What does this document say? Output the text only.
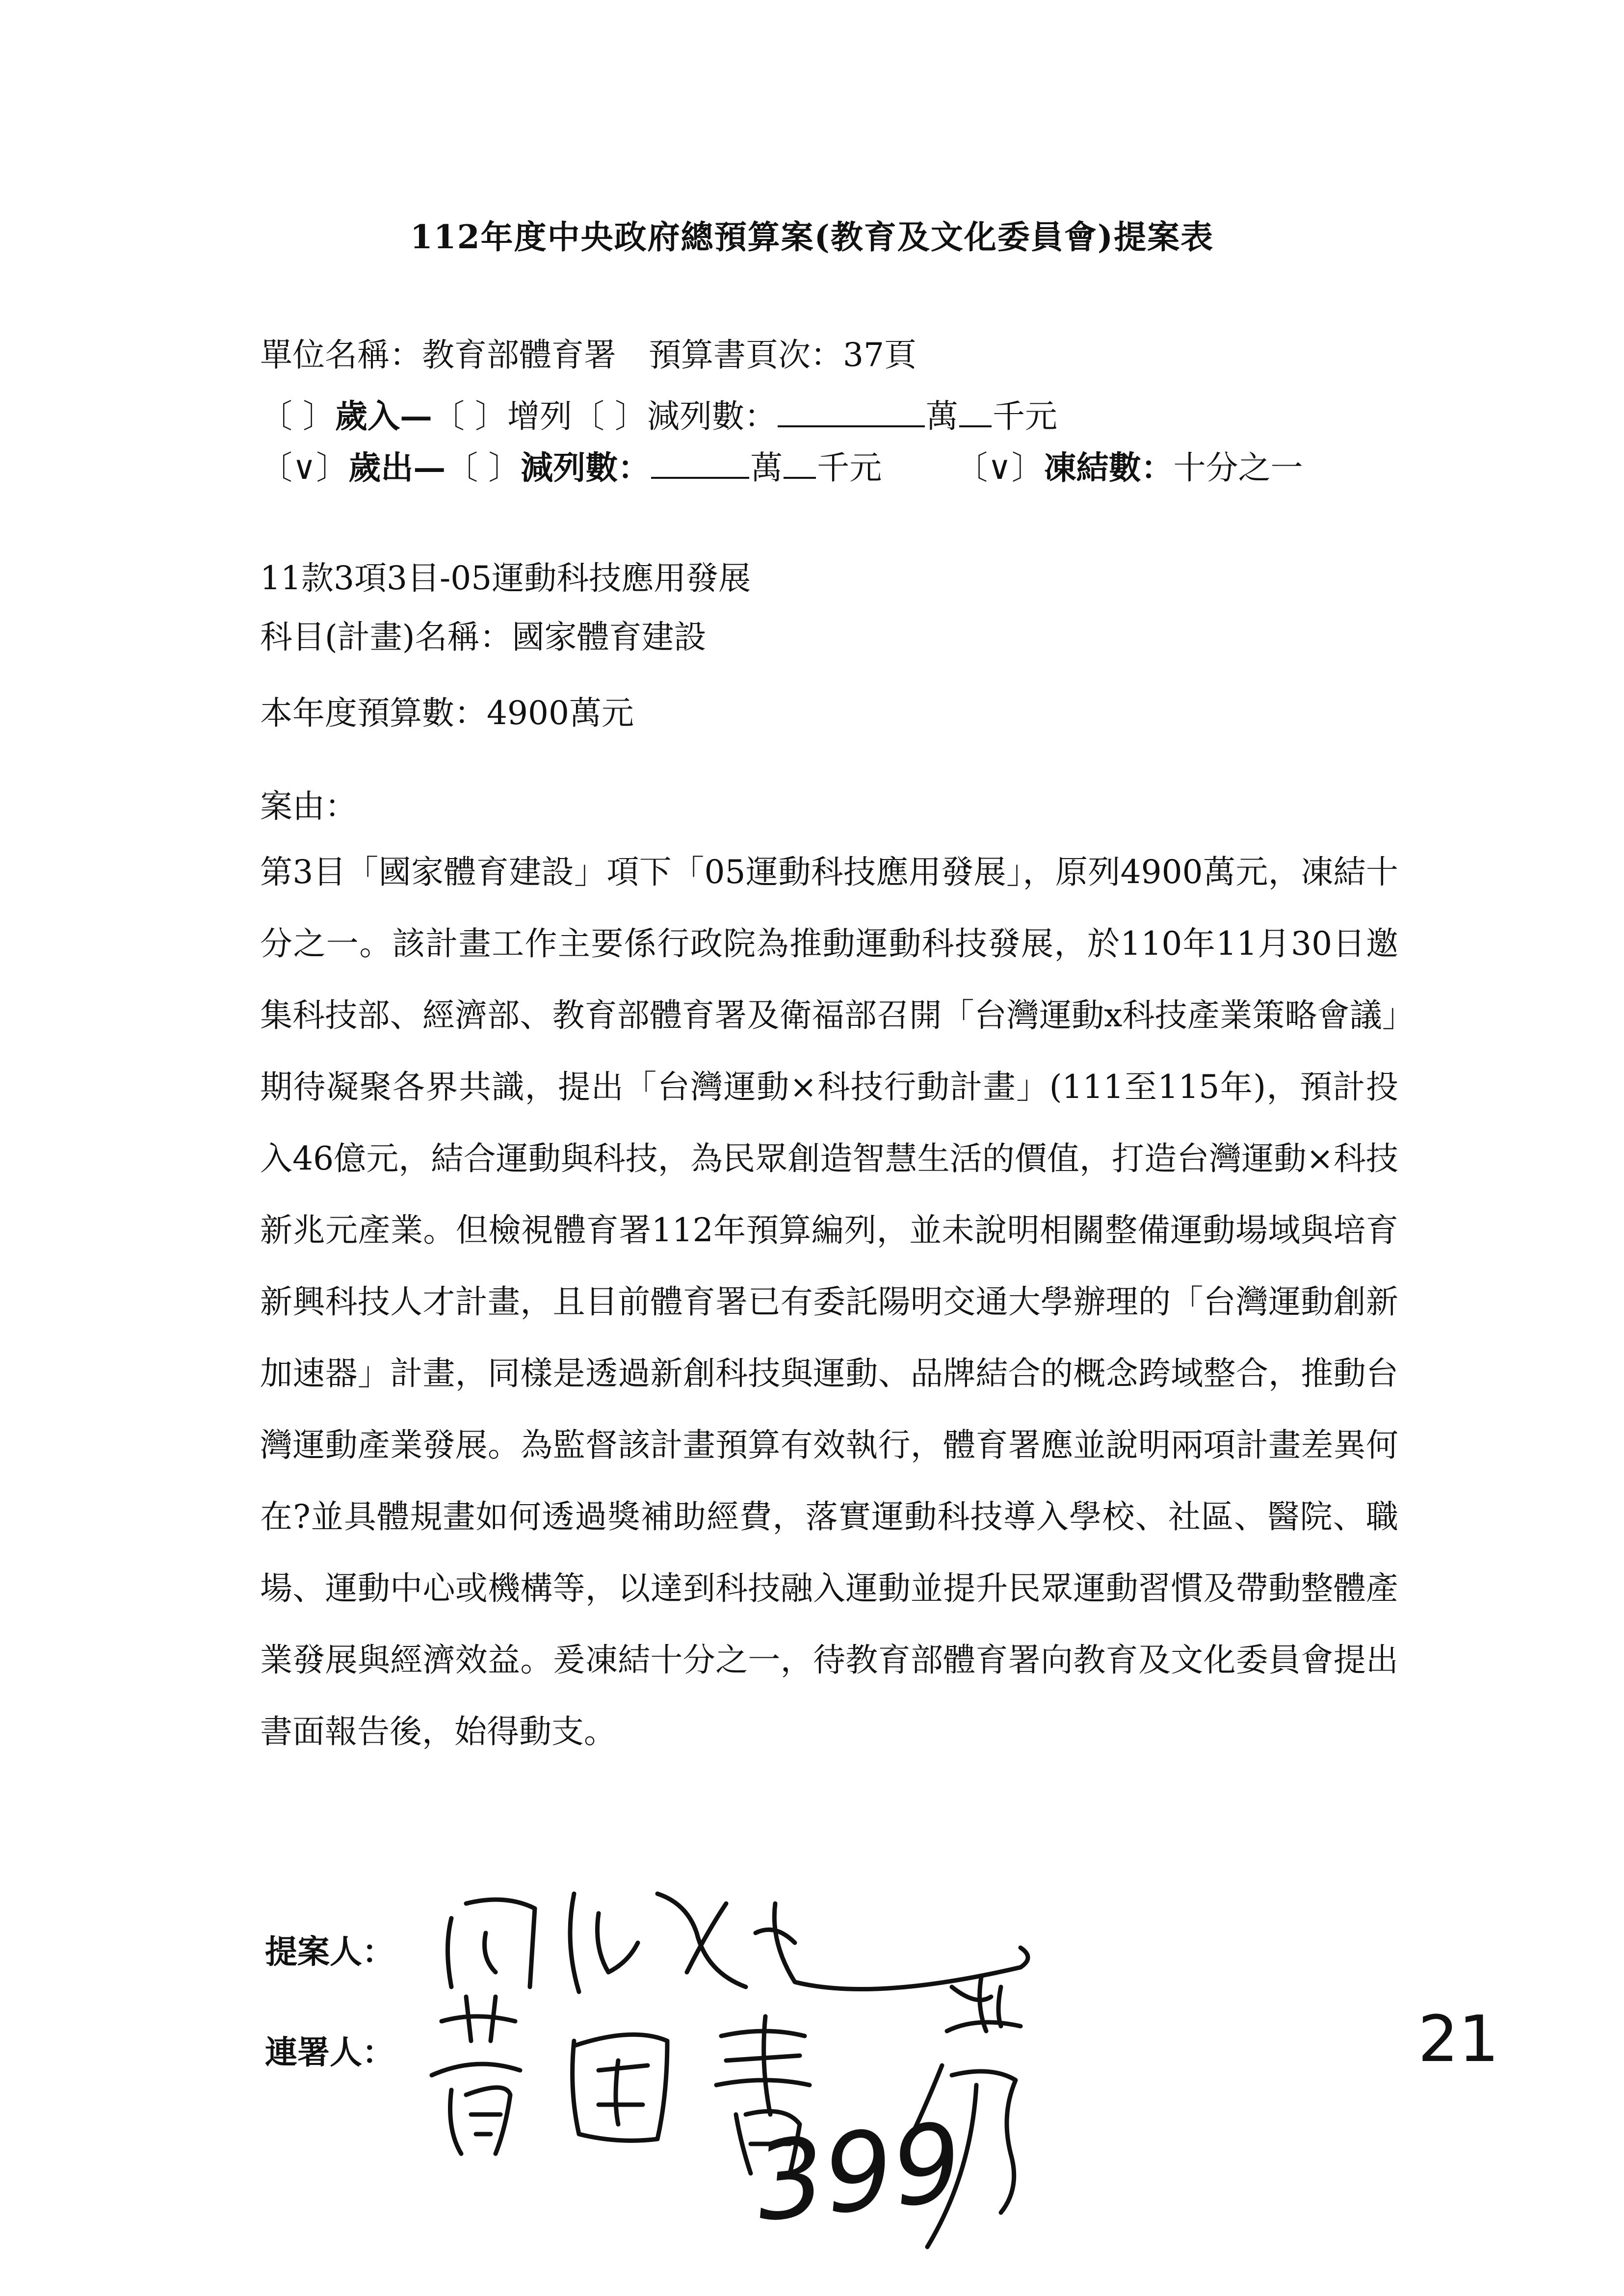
112年度中央政府總預算案(教育及文化委員會)提案表
單位名稱：教育部體育署　預算書頁次：37頁
〔 〕歲入—〔 〕增列〔 〕減列數：	萬 千元
〔∨〕歲出—〔 〕減列數：	萬 千元 〔∨〕凍結數：十分之一
11款3項3目-05運動科技應用發展
科目(計畫)名稱：國家體育建設
本年度預算數：4900萬元
案由：

第3目「國家體育建設」項下「05運動科技應用發展」，原列4900萬元，凍結十分之一。該計畫工作主要係行政院為推動運動科技發展，於110年11月30日邀集科技部、經濟部、教育部體育署及衛福部召開「台灣運動x科技產業策略會議」期待凝聚各界共識，提出「台灣運動×科技行動計畫」(111至115年)，預計投入46億元，結合運動與科技，為民眾創造智慧生活的價值，打造台灣運動×科技新兆元產業。但檢視體育署112年預算編列，並未說明相關整備運動場域與培育新興科技人才計畫，且目前體育署已有委託陽明交通大學辦理的「台灣運動創新加速器」計畫，同樣是透過新創科技與運動、品牌結合的概念跨域整合，推動台灣運動產業發展。為監督該計畫預算有效執行，體育署應並說明兩項計畫差異何在?並具體規畫如何透過獎補助經費，落實運動科技導入學校、社區、醫院、職場、運動中心或機構等，以達到科技融入運動並提升民眾運動習慣及帶動整體產業發展與經濟效益。爰凍結十分之一，待教育部體育署向教育及文化委員會提出書面報告後，始得動支。

提案人：
連署人：
399
21
